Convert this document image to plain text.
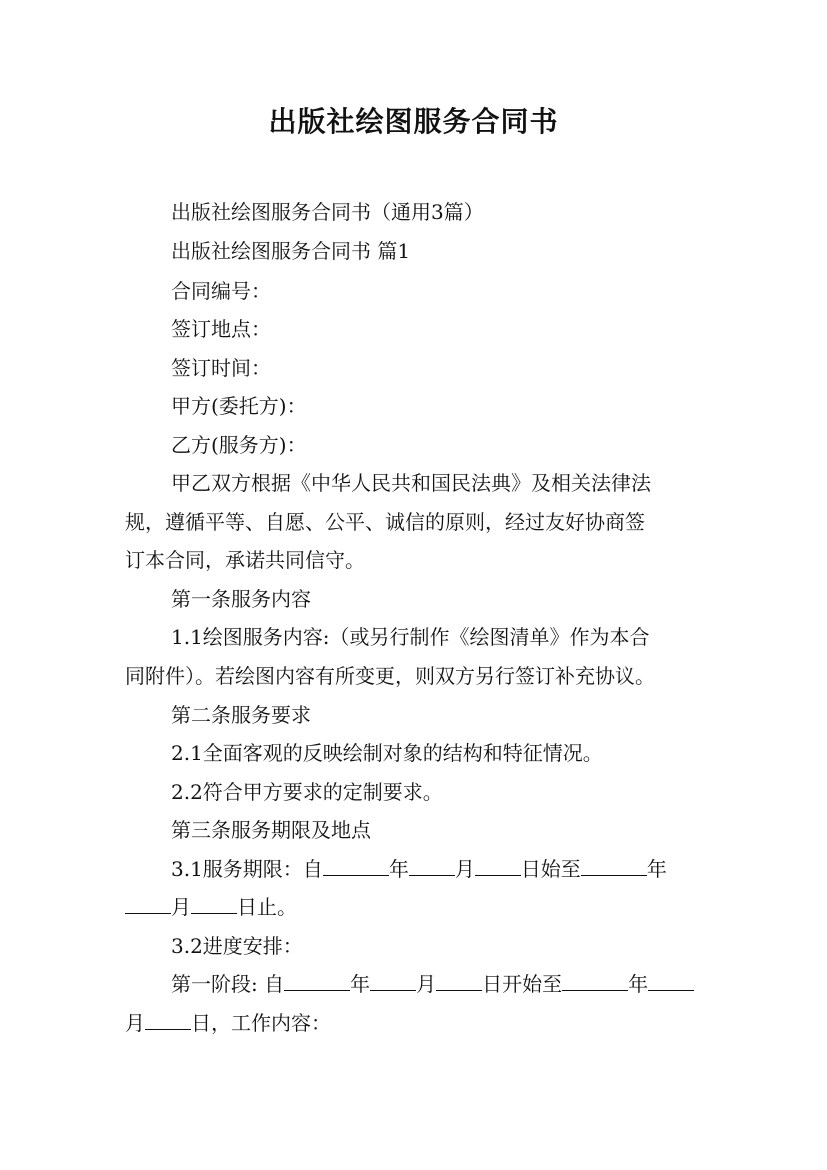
出版社绘图服务合同书
出版社绘图服务合同书（通用3篇）
出版社绘图服务合同书 篇1
合同编号：
签订地点：
签订时间：
甲方(委托方)：
乙方(服务方)：
甲乙双方根据《中华人民共和国民法典》及相关法律法
规，遵循平等、自愿、公平、诚信的原则，经过友好协商签
订本合同，承诺共同信守。
第一条服务内容
1.1绘图服务内容:（或另行制作《绘图清单》作为本合
同附件）。若绘图内容有所变更，则双方另行签订补充协议。
第二条服务要求
2.1全面客观的反映绘制对象的结构和特征情况。
2.2符合甲方要求的定制要求。
第三条服务期限及地点
3.1服务期限：自	年 月 日始至	年
月 日止。
3.2进度安排：
第一阶段: 自	年 月 日开始至	年
月 日，工作内容：
